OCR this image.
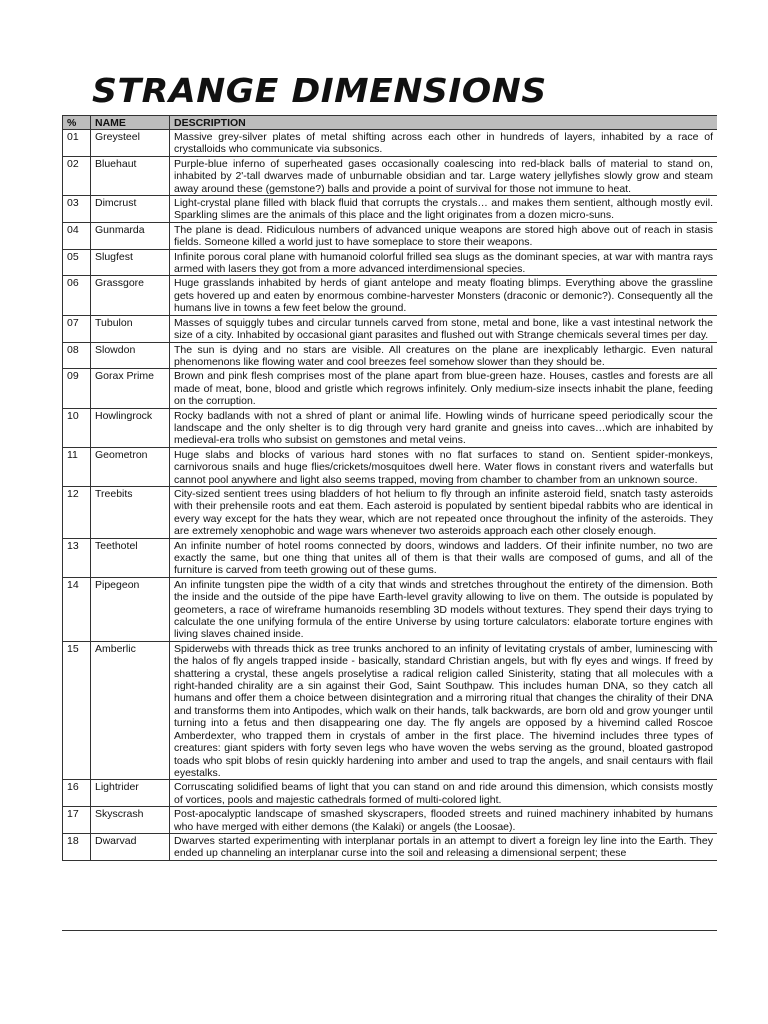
STRANGE DIMENSIONS
%	NAME	DESCRIPTION
01	Greysteel	Massive grey-silver plates of metal shifting across each other in hundreds of layers, inhabited by a race of crystalloids who communicate via subsonics.
02	Bluehaut	Purple-blue inferno of superheated gases occasionally coalescing into red-black balls of material to stand on, inhabited by 2'-tall dwarves made of unburnable obsidian and tar. Large watery jellyfishes slowly grow and steam away around these (gemstone?) balls and provide a point of survival for those not immune to heat.
03	Dimcrust	Light-crystal plane filled with black fluid that corrupts the crystals… and makes them sentient, although mostly evil. Sparkling slimes are the animals of this place and the light originates from a dozen micro-suns.
04	Gunmarda	The plane is dead. Ridiculous numbers of advanced unique weapons are stored high above out of reach in stasis fields. Someone killed a world just to have someplace to store their weapons.
05	Slugfest	Infinite porous coral plane with humanoid colorful frilled sea slugs as the dominant species, at war with mantra rays armed with lasers they got from a more advanced interdimensional species.
06	Grassgore	Huge grasslands inhabited by herds of giant antelope and meaty floating blimps. Everything above the grassline gets hovered up and eaten by enormous combine-harvester Monsters (draconic or demonic?). Consequently all the humans live in towns a few feet below the ground.
07	Tubulon	Masses of squiggly tubes and circular tunnels carved from stone, metal and bone, like a vast intestinal network the size of a city. Inhabited by occasional giant parasites and flushed out with Strange chemicals several times per day.
08	Slowdon	The sun is dying and no stars are visible. All creatures on the plane are inexplicably lethargic. Even natural phenomenons like flowing water and cool breezes feel somehow slower than they should be.
09	Gorax Prime	Brown and pink flesh comprises most of the plane apart from blue-green haze. Houses, castles and forests are all made of meat, bone, blood and gristle which regrows infinitely. Only medium-size insects inhabit the plane, feeding on the corruption.
10	Howlingrock	Rocky badlands with not a shred of plant or animal life. Howling winds of hurricane speed periodically scour the landscape and the only shelter is to dig through very hard granite and gneiss into caves…which are inhabited by medieval-era trolls who subsist on gemstones and metal veins.
11	Geometron	Huge slabs and blocks of various hard stones with no flat surfaces to stand on. Sentient spider-monkeys, carnivorous snails and huge flies/crickets/mosquitoes dwell here. Water flows in constant rivers and waterfalls but cannot pool anywhere and light also seems trapped, moving from chamber to chamber from an unknown source.
12	Treebits	City-sized sentient trees using bladders of hot helium to fly through an infinite asteroid field, snatch tasty asteroids with their prehensile roots and eat them. Each asteroid is populated by sentient bipedal rabbits who are identical in every way except for the hats they wear, which are not repeated once throughout the infinity of the asteroids. They are extremely xenophobic and wage wars whenever two asteroids approach each other closely enough.
13	Teethotel	An infinite number of hotel rooms connected by doors, windows and ladders. Of their infinite number, no two are exactly the same, but one thing that unites all of them is that their walls are composed of gums, and all of the furniture is carved from teeth growing out of these gums.
14	Pipegeon	An infinite tungsten pipe the width of a city that winds and stretches throughout the entirety of the dimension. Both the inside and the outside of the pipe have Earth-level gravity allowing to live on them. The outside is populated by geometers, a race of wireframe humanoids resembling 3D models without textures. They spend their days trying to calculate the one unifying formula of the entire Universe by using torture calculators: elaborate torture engines with living slaves chained inside.
15	Amberlic	Spiderwebs with threads thick as tree trunks anchored to an infinity of levitating crystals of amber, luminescing with the halos of fly angels trapped inside - basically, standard Christian angels, but with fly eyes and wings. If freed by shattering a crystal, these angels proselytise a radical religion called Sinisterity, stating that all molecules with a right-handed chirality are a sin against their God, Saint Southpaw. This includes human DNA, so they catch all humans and offer them a choice between disintegration and a mirroring ritual that changes the chirality of their DNA and transforms them into Antipodes, which walk on their hands, talk backwards, are born old and grow younger until turning into a fetus and then disappearing one day. The fly angels are opposed by a hivemind called Roscoe Amberdexter, who trapped them in crystals of amber in the first place. The hivemind includes three types of creatures: giant spiders with forty seven legs who have woven the webs serving as the ground, bloated gastropod toads who spit blobs of resin quickly hardening into amber and used to trap the angels, and snail centaurs with flail eyestalks.
16	Lightrider	Corruscating solidified beams of light that you can stand on and ride around this dimension, which consists mostly of vortices, pools and majestic cathedrals formed of multi-colored light.
17	Skyscrash	Post-apocalyptic landscape of smashed skyscrapers, flooded streets and ruined machinery inhabited by humans who have merged with either demons (the Kalaki) or angels (the Loosae).
18	Dwarvad	Dwarves started experimenting with interplanar portals in an attempt to divert a foreign ley line into the Earth. They ended up channeling an interplanar curse into the soil and releasing a dimensional serpent; these
